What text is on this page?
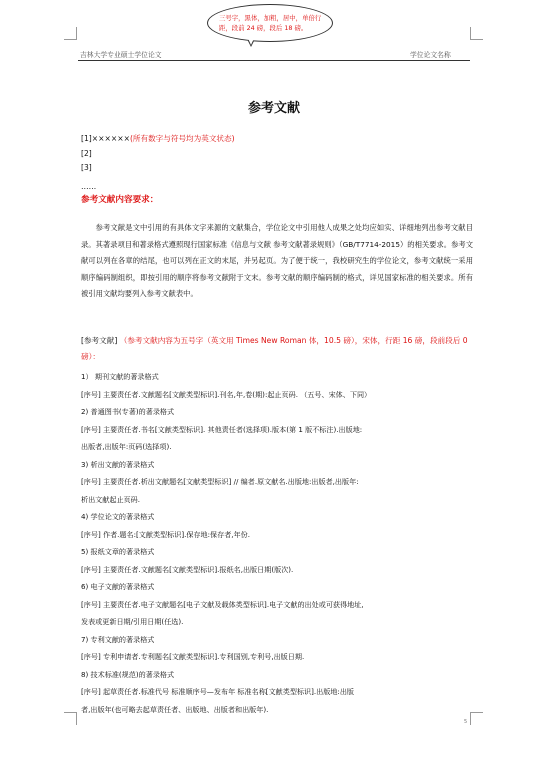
三号字，黑体，加粗，居中，单倍行距，段前 24 磅，段后 18 磅。
吉林大学专业硕士学位论文	学位论文名称
参考文献
[1]××××××(所有数字与符号均为英文状态)
[2]
[3]
……
参考文献内容要求：
参考文献是文中引用的有具体文字来源的文献集合，学位论文中引用他人成果之处均应如实、详细地列出参考文献目录。其著录项目和著录格式遵照现行国家标准《信息与文献 参考文献著录规则》（GB/T7714-2015）的相关要求。参考文献可以列在各章的结尾，也可以列在正文的末尾，并另起页。为了便于统一，我校研究生的学位论文，参考文献统一采用顺序编码制组织，即按引用的顺序将参考文献附于文末。参考文献的顺序编码制的格式，详见国家标准的相关要求。所有被引用文献均要列入参考文献表中。
[参考文献] （参考文献内容为五号字（英文用 Times New Roman 体，10.5 磅），宋体，行距 16 磅，段前段后 0 磅）：
1） 期刊文献的著录格式
[序号] 主要责任者.文献题名[文献类型标识].刊名,年,卷(期):起止页码. （五号、宋体、下同）
2) 普通图书(专著)的著录格式
[序号] 主要责任者.书名[文献类型标识]. 其他责任者(选择项).版本(第 1 版不标注).出版地:
出版者,出版年:页码(选择项).
3) 析出文献的著录格式
[序号] 主要责任者.析出文献题名[文献类型标识] // 编者.原文献名.出版地:出版者,出版年:
析出文献起止页码.
4) 学位论文的著录格式
[序号] 作者.题名:[文献类型标识].保存地:保存者,年份.
5) 报纸文章的著录格式
[序号] 主要责任者.文献题名[文献类型标识].报纸名,出版日期(版次).
6) 电子文献的著录格式
[序号] 主要责任者.电子文献题名[电子文献及载体类型标识].电子文献的出处或可获得地址,
发表或更新日期/引用日期(任选).
7) 专利文献的著录格式
[序号] 专利申请者.专利题名[文献类型标识].专利国别,专利号,出版日期.
8) 技术标准(规范)的著录格式
[序号] 起草责任者.标准代号 标准顺序号—发布年 标准名称[文献类型标识].出版地:出版
者,出版年(也可略去起草责任者、出版地、出版者和出版年).
5
